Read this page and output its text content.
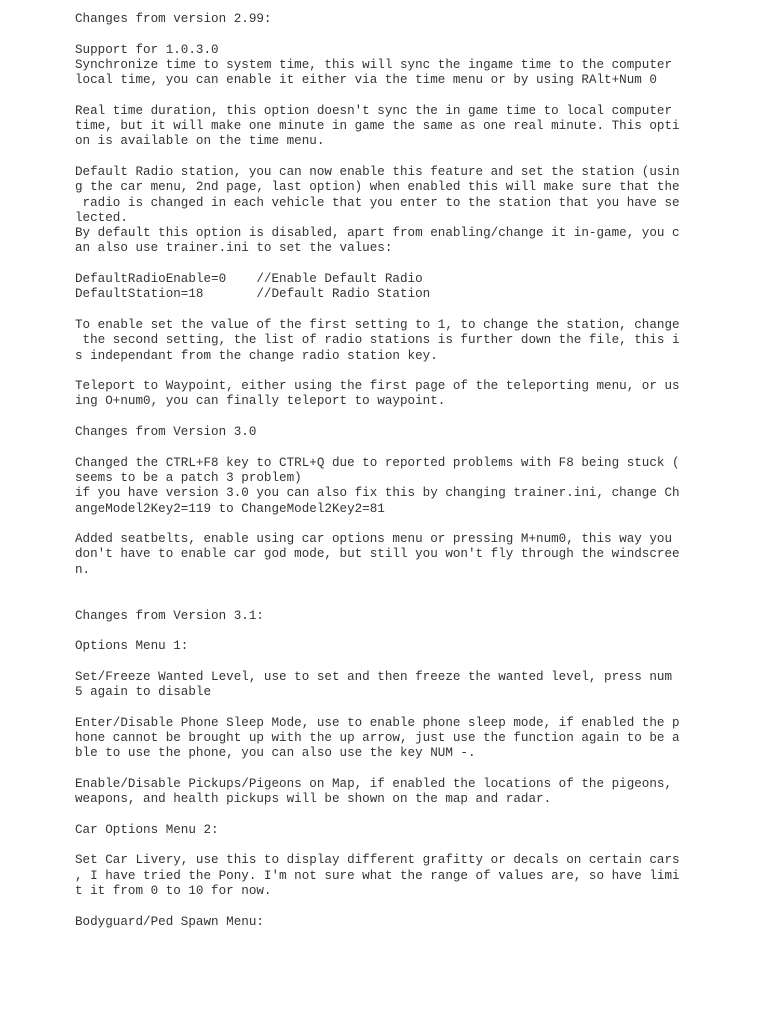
Changes from version 2.99:
Support for 1.0.3.0
Synchronize time to system time, this will sync the ingame time to the computer
local time, you can enable it either via the time menu or by using RAlt+Num 0
Real time duration, this option doesn't sync the in game time to local computer
time, but it will make one minute in game the same as one real minute. This opti
on is available on the time menu.
Default Radio station, you can now enable this feature and set the station (usin
g the car menu, 2nd page, last option) when enabled this will make sure that the
radio is changed in each vehicle that you enter to the station that you have se
lected.
By default this option is disabled, apart from enabling/change it in-game, you c
an also use trainer.ini to set the values:
DefaultRadioEnable=0    //Enable Default Radio
DefaultStation=18       //Default Radio Station
To enable set the value of the first setting to 1, to change the station, change
the second setting, the list of radio stations is further down the file, this i
s independant from the change radio station key.
Teleport to Waypoint, either using the first page of the teleporting menu, or us
ing O+num0, you can finally teleport to waypoint.
Changes from Version 3.0
Changed the CTRL+F8 key to CTRL+Q due to reported problems with F8 being stuck (
seems to be a patch 3 problem)
if you have version 3.0 you can also fix this by changing trainer.ini, change Ch
angeModel2Key2=119 to ChangeModel2Key2=81
Added seatbelts, enable using car options menu or pressing M+num0, this way you
don't have to enable car god mode, but still you won't fly through the windscree
n.
Changes from Version 3.1:
Options Menu 1:
Set/Freeze Wanted Level, use to set and then freeze the wanted level, press num
5 again to disable
Enter/Disable Phone Sleep Mode, use to enable phone sleep mode, if enabled the p
hone cannot be brought up with the up arrow, just use the function again to be a
ble to use the phone, you can also use the key NUM -.
Enable/Disable Pickups/Pigeons on Map, if enabled the locations of the pigeons,
weapons, and health pickups will be shown on the map and radar.
Car Options Menu 2:
Set Car Livery, use this to display different grafitty or decals on certain cars
, I have tried the Pony. I'm not sure what the range of values are, so have limi
t it from 0 to 10 for now.
Bodyguard/Ped Spawn Menu:
